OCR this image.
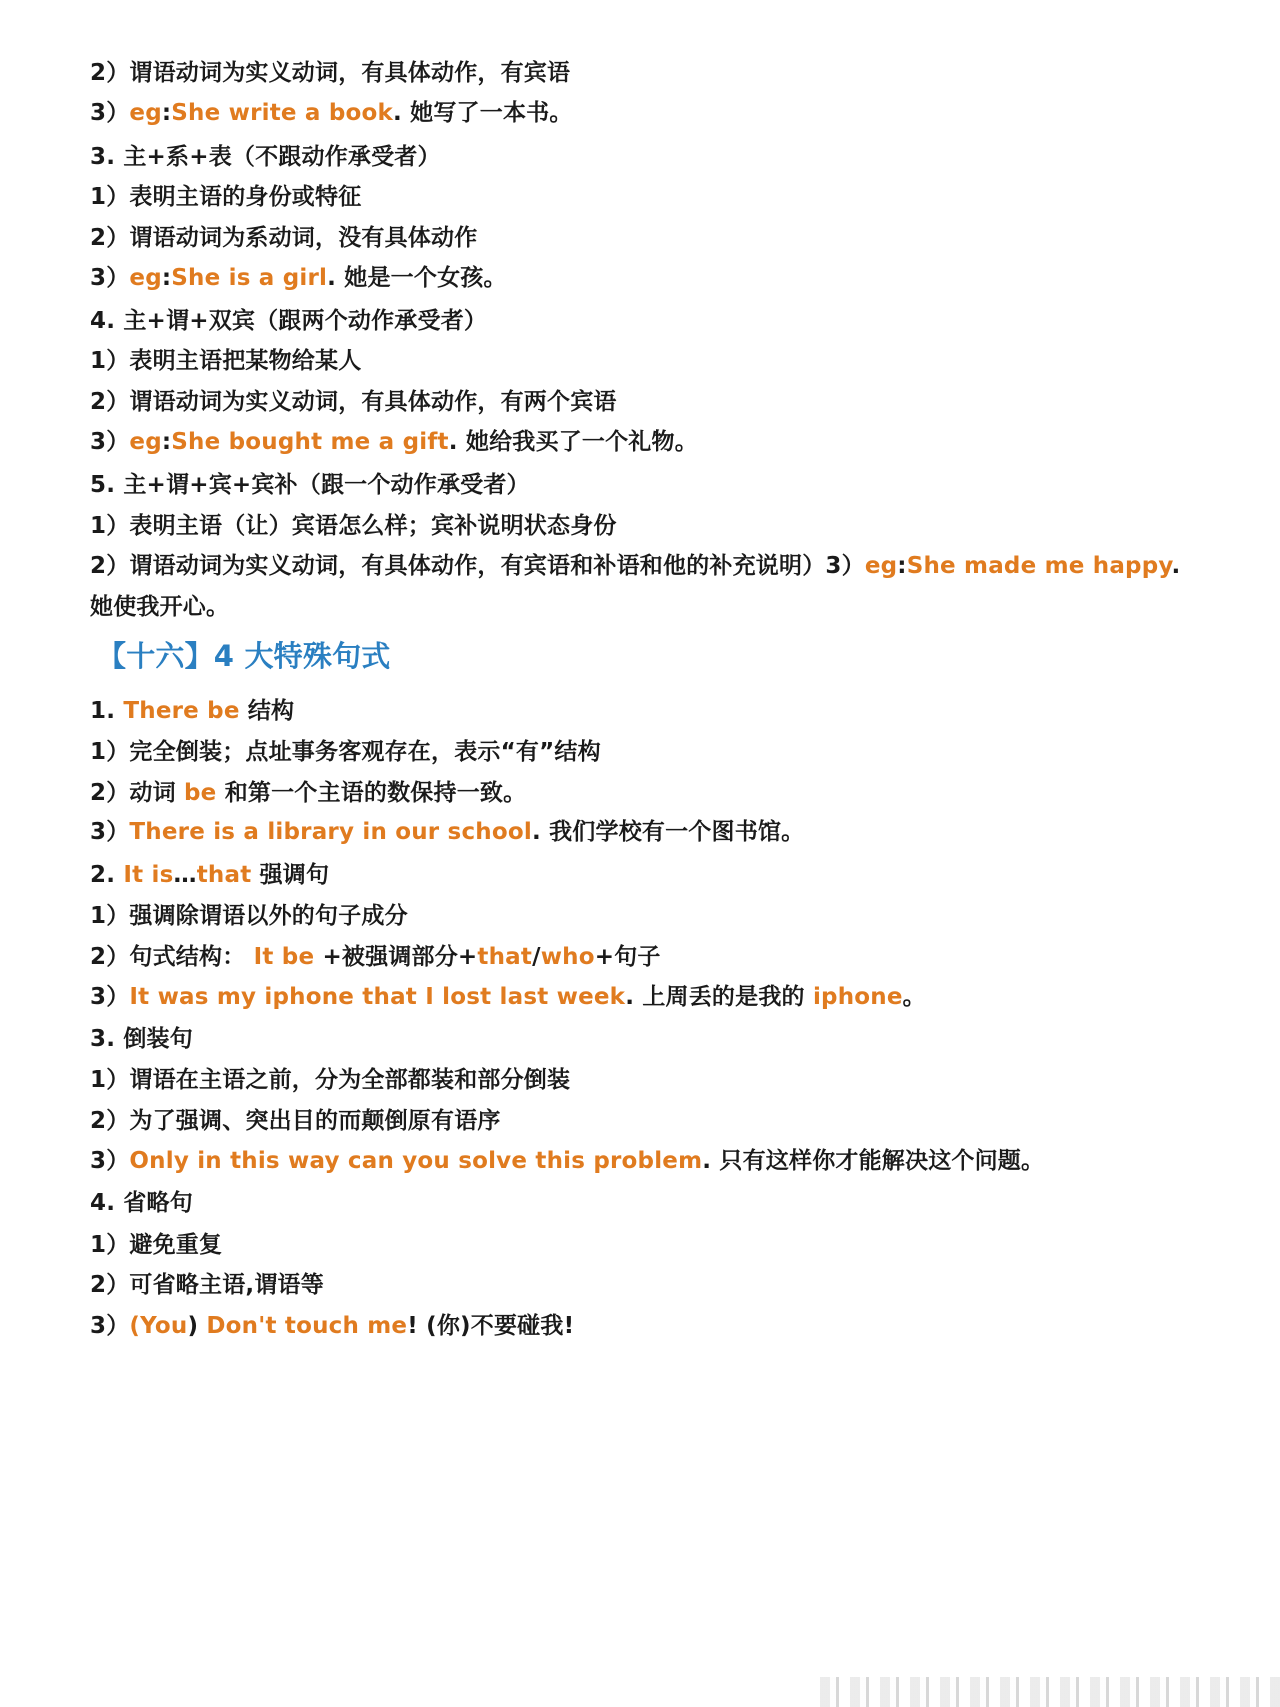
2）谓语动词为实义动词，有具体动作，有宾语
3）eg:She write a book. 她写了一本书。
3. 主+系+表（不跟动作承受者）
1）表明主语的身份或特征
2）谓语动词为系动词，没有具体动作
3）eg:She is a girl. 她是一个女孩。
4. 主+谓+双宾（跟两个动作承受者）
1）表明主语把某物给某人
2）谓语动词为实义动词，有具体动作，有两个宾语
3）eg:She bought me a gift. 她给我买了一个礼物。
5. 主+谓+宾+宾补（跟一个动作承受者）
1）表明主语（让）宾语怎么样；宾补说明状态身份
2）谓语动词为实义动词，有具体动作，有宾语和补语和他的补充说明）3）eg:She made me happy.
她使我开心。
【十六】4 大特殊句式
1. There be 结构
1）完全倒装；点址事务客观存在，表示“有”结构
2）动词 be 和第一个主语的数保持一致。
3）There is a library in our school. 我们学校有一个图书馆。
2. It is…that 强调句
1）强调除谓语以外的句子成分
2）句式结构： It be +被强调部分+that/who+句子
3）It was my iphone that I lost last week. 上周丢的是我的 iphone。
3. 倒装句
1）谓语在主语之前，分为全部都装和部分倒装
2）为了强调、突出目的而颠倒原有语序
3）Only in this way can you solve this problem. 只有这样你才能解决这个问题。
4. 省略句
1）避免重复
2）可省略主语,谓语等
3）(You) Don't touch me! (你)不要碰我!
